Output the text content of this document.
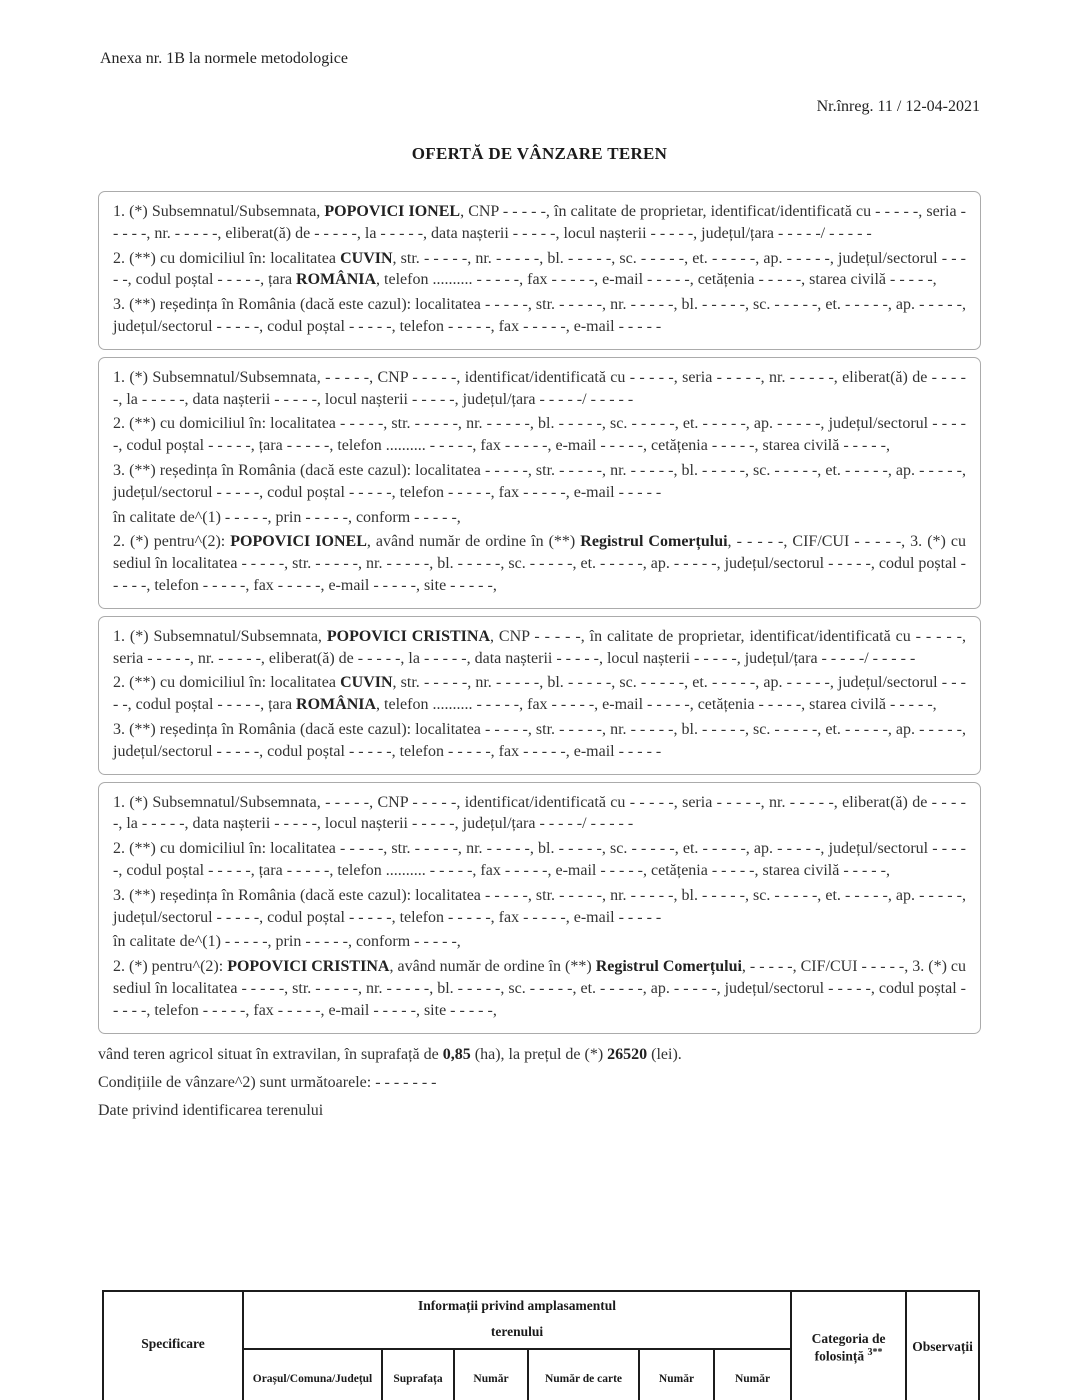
Anexa nr. 1B la normele metodologice
Nr.înreg. 11 / 12-04-2021
OFERTĂ DE VÂNZARE TEREN

1. (*) Subsemnatul/Subsemnata, POPOVICI IONEL, CNP - - - - -, în calitate de proprietar, identificat/identificată cu - - - - -, seria - - - - -, nr. - - - - -, eliberat(ă) de - - - - -, la - - - - -, data nașterii - - - - -, locul nașterii - - - - -, județul/țara - - - - -/ - - - - -

2. (**) cu domiciliul în: localitatea CUVIN, str. - - - - -, nr. - - - - -, bl. - - - - -, sc. - - - - -, et. - - - - -, ap. - - - - -, județul/sectorul - - - - -, codul poștal - - - - -, țara ROMÂNIA, telefon .......... - - - - -, fax - - - - -, e-mail - - - - -, cetățenia - - - - -, starea civilă - - - - -,

3. (**) reședința în România (dacă este cazul): localitatea - - - - -, str. - - - - -, nr. - - - - -, bl. - - - - -, sc. - - - - -, et. - - - - -, ap. - - - - -, județul/sectorul - - - - -, codul poștal - - - - -, telefon - - - - -, fax - - - - -, e-mail - - - - -

1. (*) Subsemnatul/Subsemnata, - - - - -, CNP - - - - -, identificat/identificată cu - - - - -, seria - - - - -, nr. - - - - -, eliberat(ă) de - - - - -, la - - - - -, data nașterii - - - - -, locul nașterii - - - - -, județul/țara - - - - -/ - - - - -

2. (**) cu domiciliul în: localitatea - - - - -, str. - - - - -, nr. - - - - -, bl. - - - - -, sc. - - - - -, et. - - - - -, ap. - - - - -, județul/sectorul - - - - -, codul poștal - - - - -, țara - - - - -, telefon .......... - - - - -, fax - - - - -, e-mail - - - - -, cetățenia - - - - -, starea civilă - - - - -,

3. (**) reședința în România (dacă este cazul): localitatea - - - - -, str. - - - - -, nr. - - - - -, bl. - - - - -, sc. - - - - -, et. - - - - -, ap. - - - - -, județul/sectorul - - - - -, codul poștal - - - - -, telefon - - - - -, fax - - - - -, e-mail - - - - -

în calitate de^(1) - - - - -, prin - - - - -, conform - - - - -,

2. (*) pentru^(2): POPOVICI IONEL, având număr de ordine în (**) Registrul Comerțului, - - - - -, CIF/CUI - - - - -, 3. (*) cu sediul în localitatea - - - - -, str. - - - - -, nr. - - - - -, bl. - - - - -, sc. - - - - -, et. - - - - -, ap. - - - - -, județul/sectorul - - - - -, codul poștal - - - - -, telefon - - - - -, fax - - - - -, e-mail - - - - -, site - - - - -,

1. (*) Subsemnatul/Subsemnata, POPOVICI CRISTINA, CNP - - - - -, în calitate de proprietar, identificat/identificată cu - - - - -, seria - - - - -, nr. - - - - -, eliberat(ă) de - - - - -, la - - - - -, data nașterii - - - - -, locul nașterii - - - - -, județul/țara - - - - -/ - - - - -

2. (**) cu domiciliul în: localitatea CUVIN, str. - - - - -, nr. - - - - -, bl. - - - - -, sc. - - - - -, et. - - - - -, ap. - - - - -, județul/sectorul - - - - -, codul poștal - - - - -, țara ROMÂNIA, telefon .......... - - - - -, fax - - - - -, e-mail - - - - -, cetățenia - - - - -, starea civilă - - - - -,

3. (**) reședința în România (dacă este cazul): localitatea - - - - -, str. - - - - -, nr. - - - - -, bl. - - - - -, sc. - - - - -, et. - - - - -, ap. - - - - -, județul/sectorul - - - - -, codul poștal - - - - -, telefon - - - - -, fax - - - - -, e-mail - - - - -

1. (*) Subsemnatul/Subsemnata, - - - - -, CNP - - - - -, identificat/identificată cu - - - - -, seria - - - - -, nr. - - - - -, eliberat(ă) de - - - - -, la - - - - -, data nașterii - - - - -, locul nașterii - - - - -, județul/țara - - - - -/ - - - - -

2. (**) cu domiciliul în: localitatea - - - - -, str. - - - - -, nr. - - - - -, bl. - - - - -, sc. - - - - -, et. - - - - -, ap. - - - - -, județul/sectorul - - - - -, codul poștal - - - - -, țara - - - - -, telefon .......... - - - - -, fax - - - - -, e-mail - - - - -, cetățenia - - - - -, starea civilă - - - - -,

3. (**) reședința în România (dacă este cazul): localitatea - - - - -, str. - - - - -, nr. - - - - -, bl. - - - - -, sc. - - - - -, et. - - - - -, ap. - - - - -, județul/sectorul - - - - -, codul poștal - - - - -, telefon - - - - -, fax - - - - -, e-mail - - - - -

în calitate de^(1) - - - - -, prin - - - - -, conform - - - - -,

2. (*) pentru^(2): POPOVICI CRISTINA, având număr de ordine în (**) Registrul Comerțului, - - - - -, CIF/CUI - - - - -, 3. (*) cu sediul în localitatea - - - - -, str. - - - - -, nr. - - - - -, bl. - - - - -, sc. - - - - -, et. - - - - -, ap. - - - - -, județul/sectorul - - - - -, codul poștal - - - - -, telefon - - - - -, fax - - - - -, e-mail - - - - -, site - - - - -,

vând teren agricol situat în extravilan, în suprafață de 0,85 (ha), la prețul de (*) 26520 (lei).

Condițiile de vânzare^2) sunt următoarele: - - - - - - -

Date privind identificarea terenului

Specificare	Informații privind amplasamentul
terenului						Categoria de folosință $^{3**}$	Observații
	Orașul/Comuna/Județul	Suprafața	Număr	Număr de carte	Număr	Număr		
